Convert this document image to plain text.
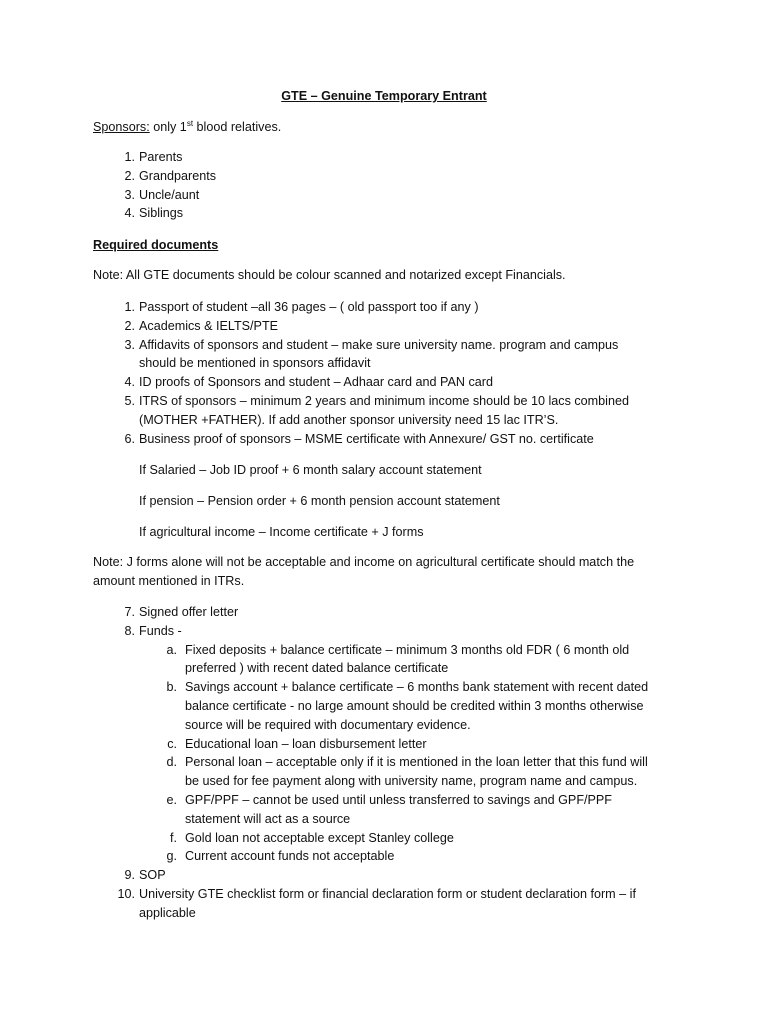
GTE – Genuine Temporary Entrant
Sponsors: only 1st blood relatives.
1. Parents
2. Grandparents
3. Uncle/aunt
4. Siblings
Required documents
Note: All GTE documents should be colour scanned and notarized except Financials.
1. Passport of student –all 36 pages – ( old passport too if any )
2. Academics & IELTS/PTE
3. Affidavits of sponsors and student – make sure university name. program and campus
should be mentioned in sponsors affidavit
4. ID proofs of Sponsors and student – Adhaar card and PAN card
5. ITRS of sponsors – minimum 2 years and minimum income should be 10 lacs combined
(MOTHER +FATHER). If add another sponsor university need 15 lac ITR’S.
6. Business proof of sponsors – MSME certificate with Annexure/ GST no. certificate
If Salaried – Job ID proof + 6 month salary account statement
If pension – Pension order + 6 month pension account statement
If agricultural income – Income certificate + J forms
Note: J forms alone will not be acceptable and income on agricultural certificate should match the
amount mentioned in ITRs.
7. Signed offer letter
8. Funds -
a. Fixed deposits + balance certificate – minimum 3 months old FDR ( 6 month old
preferred ) with recent dated balance certificate
b. Savings account + balance certificate – 6 months bank statement with recent dated
balance certificate - no large amount should be credited within 3 months otherwise
source will be required with documentary evidence.
c. Educational loan – loan disbursement letter
d. Personal loan – acceptable only if it is mentioned in the loan letter that this fund will
be used for fee payment along with university name, program name and campus.
e. GPF/PPF – cannot be used until unless transferred to savings and GPF/PPF
statement will act as a source
f. Gold loan not acceptable except Stanley college
g. Current account funds not acceptable
9. SOP
10. University GTE checklist form or financial declaration form or student declaration form – if
applicable
